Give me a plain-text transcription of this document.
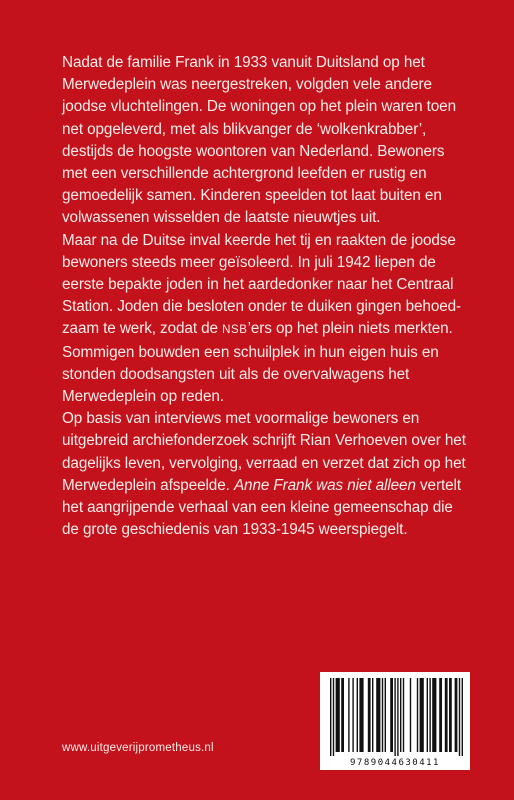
Nadat de familie Frank in 1933 vanuit Duitsland op het Merwedeplein was neergestreken, volgden vele andere joodse vluchtelingen. De woningen op het plein waren toen net opgeleverd, met als blikvanger de ‘wolkenkrabber’, destijds de hoogste woontoren van Nederland. Bewoners met een verschillende achtergrond leefden er rustig en gemoedelijk samen. Kinderen speelden tot laat buiten en volwassenen wisselden de laatste nieuwtjes uit.

Maar na de Duitse inval keerde het tij en raakten de joodse bewoners steeds meer geïsoleerd. In juli 1942 liepen de eerste bepakte joden in het aardedonker naar het Centraal Station. Joden die besloten onder te duiken gingen behoedzaam te werk, zodat de NSB’ers op het plein niets merkten. Sommigen bouwden een schuilplek in hun eigen huis en stonden doodsangsten uit als de overvalwagens het Merwedeplein op reden.

Op basis van interviews met voormalige bewoners en uitgebreid archiefonderzoek schrijft Rian Verhoeven over het dagelijks leven, vervolging, verraad en verzet dat zich op het Merwedeplein afspeelde. Anne Frank was niet alleen vertelt het aangrijpende verhaal van een kleine gemeenschap die de grote geschiedenis van 1933-1945 weerspiegelt.

9789044630411
www.uitgeverijprometheus.nl
